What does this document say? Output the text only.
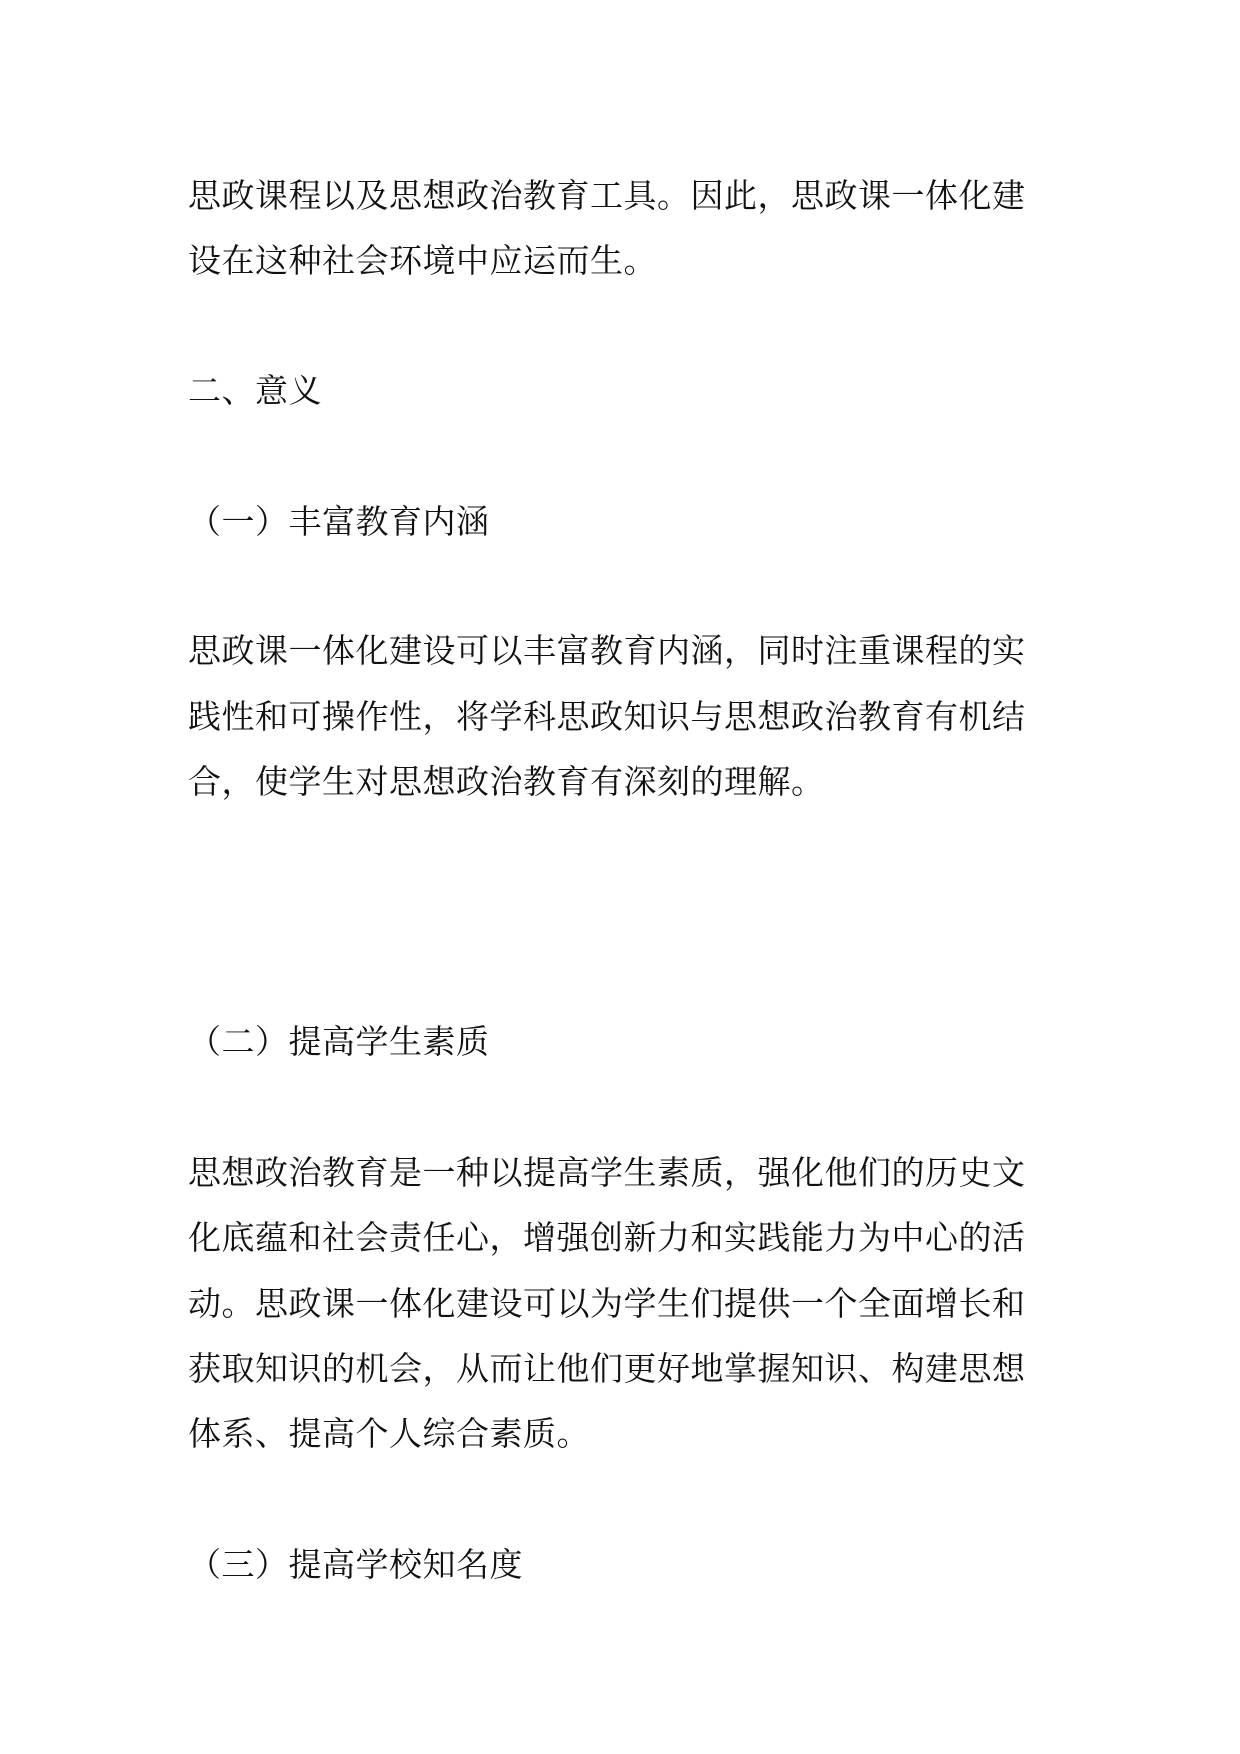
思政课程以及思想政治教育工具。因此，思政课一体化建
设在这种社会环境中应运而生。
二、意义
（一）丰富教育内涵
思政课一体化建设可以丰富教育内涵，同时注重课程的实
践性和可操作性，将学科思政知识与思想政治教育有机结
合，使学生对思想政治教育有深刻的理解。
（二）提高学生素质
思想政治教育是一种以提高学生素质，强化他们的历史文
化底蕴和社会责任心，增强创新力和实践能力为中心的活
动。思政课一体化建设可以为学生们提供一个全面增长和
获取知识的机会，从而让他们更好地掌握知识、构建思想
体系、提高个人综合素质。
（三）提高学校知名度
